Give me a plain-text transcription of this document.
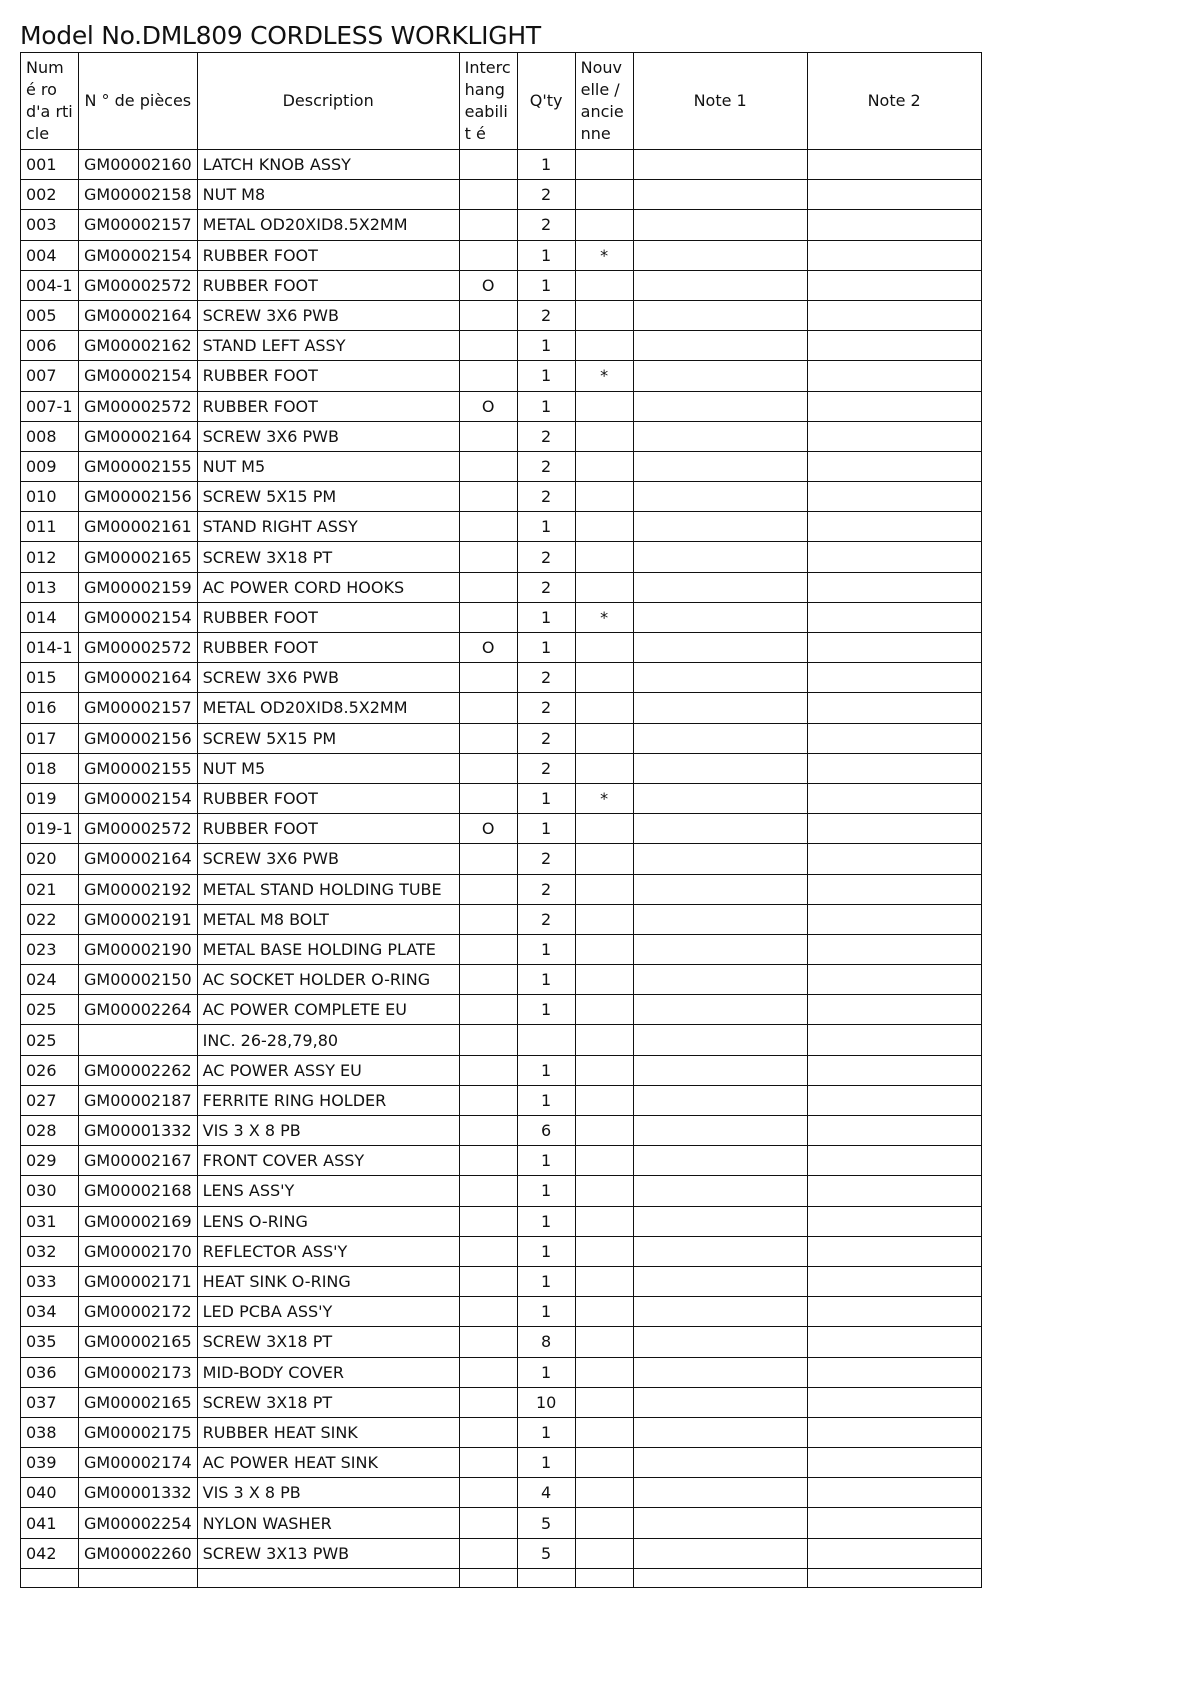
Model No.DML809 CORDLESS WORKLIGHT
Numé ro d'a rticle	N ° de pièces	Description	Interc hang eabilit é	Q'ty	Nouv elle / ancie nne	Note 1	Note 2
001	GM00002160	LATCH KNOB ASSY		1			
002	GM00002158	NUT M8		2			
003	GM00002157	METAL OD20XID8.5X2MM		2			
004	GM00002154	RUBBER FOOT		1	*		
004-1	GM00002572	RUBBER FOOT	O	1			
005	GM00002164	SCREW 3X6 PWB		2			
006	GM00002162	STAND LEFT ASSY		1			
007	GM00002154	RUBBER FOOT		1	*		
007-1	GM00002572	RUBBER FOOT	O	1			
008	GM00002164	SCREW 3X6 PWB		2			
009	GM00002155	NUT M5		2			
010	GM00002156	SCREW 5X15 PM		2			
011	GM00002161	STAND RIGHT ASSY		1			
012	GM00002165	SCREW 3X18 PT		2			
013	GM00002159	AC POWER CORD HOOKS		2			
014	GM00002154	RUBBER FOOT		1	*		
014-1	GM00002572	RUBBER FOOT	O	1			
015	GM00002164	SCREW 3X6 PWB		2			
016	GM00002157	METAL OD20XID8.5X2MM		2			
017	GM00002156	SCREW 5X15 PM		2			
018	GM00002155	NUT M5		2			
019	GM00002154	RUBBER FOOT		1	*		
019-1	GM00002572	RUBBER FOOT	O	1			
020	GM00002164	SCREW 3X6 PWB		2			
021	GM00002192	METAL STAND HOLDING TUBE		2			
022	GM00002191	METAL M8 BOLT		2			
023	GM00002190	METAL BASE HOLDING PLATE		1			
024	GM00002150	AC SOCKET HOLDER O-RING		1			
025	GM00002264	AC POWER COMPLETE EU		1			
025		INC. 26-28,79,80					
026	GM00002262	AC POWER ASSY EU		1			
027	GM00002187	FERRITE RING HOLDER		1			
028	GM00001332	VIS 3 X 8 PB		6			
029	GM00002167	FRONT COVER ASSY		1			
030	GM00002168	LENS ASS'Y		1			
031	GM00002169	LENS O-RING		1			
032	GM00002170	REFLECTOR ASS'Y		1			
033	GM00002171	HEAT SINK O-RING		1			
034	GM00002172	LED PCBA ASS'Y		1			
035	GM00002165	SCREW 3X18 PT		8			
036	GM00002173	MID-BODY COVER		1			
037	GM00002165	SCREW 3X18 PT		10			
038	GM00002175	RUBBER HEAT SINK		1			
039	GM00002174	AC POWER HEAT SINK		1			
040	GM00001332	VIS 3 X 8 PB		4			
041	GM00002254	NYLON WASHER		5			
042	GM00002260	SCREW 3X13 PWB		5			
